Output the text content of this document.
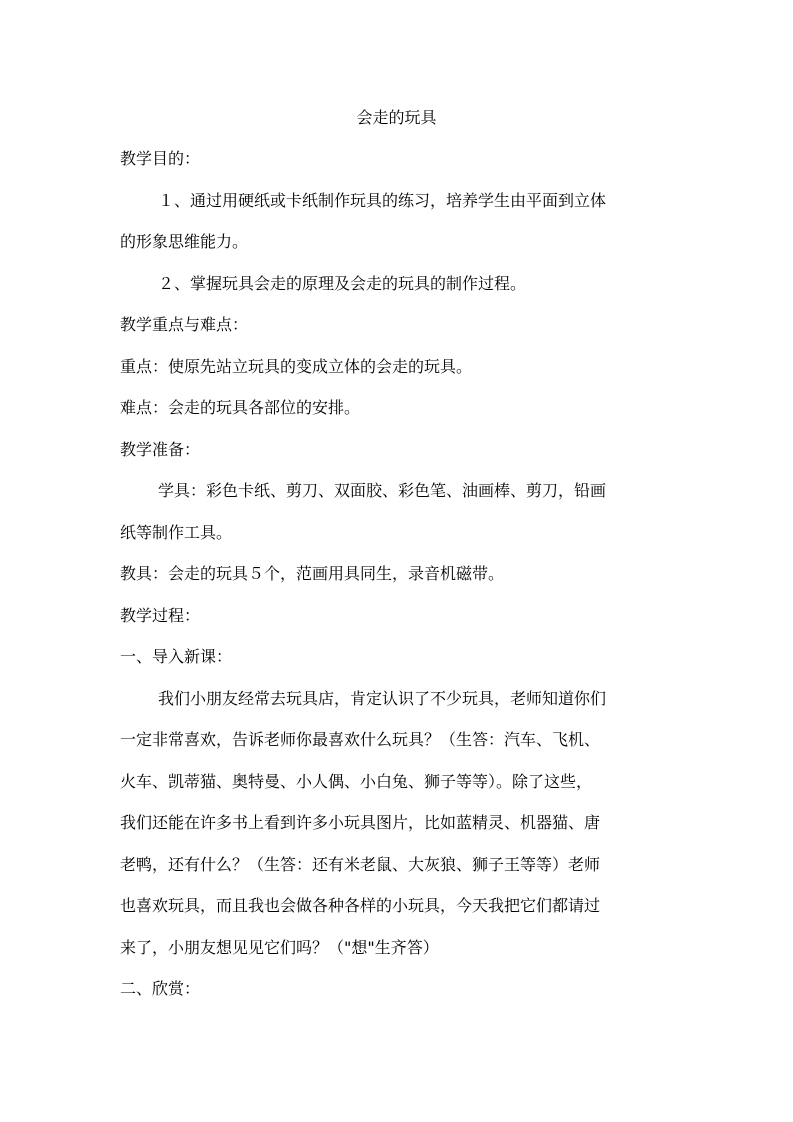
会走的玩具
教学目的：
１、通过用硬纸或卡纸制作玩具的练习，培养学生由平面到立体
的形象思维能力。
２、掌握玩具会走的原理及会走的玩具的制作过程。
教学重点与难点：
重点：使原先站立玩具的变成立体的会走的玩具。
难点：会走的玩具各部位的安排。
教学准备：
学具：彩色卡纸、剪刀、双面胶、彩色笔、油画棒、剪刀，铅画
纸等制作工具。
教具：会走的玩具５个，范画用具同生，录音机磁带。
教学过程：
一、导入新课：
我们小朋友经常去玩具店，肯定认识了不少玩具，老师知道你们
一定非常喜欢，告诉老师你最喜欢什么玩具？（生答：汽车、飞机、
火车、凯蒂猫、奥特曼、小人偶、小白兔、狮子等等）。除了这些，
我们还能在许多书上看到许多小玩具图片，比如蓝精灵、机器猫、唐
老鸭，还有什么？（生答：还有米老鼠、大灰狼、狮子王等等）老师
也喜欢玩具，而且我也会做各种各样的小玩具，今天我把它们都请过
来了，小朋友想见见它们吗？（"想"生齐答）
二、欣赏：
